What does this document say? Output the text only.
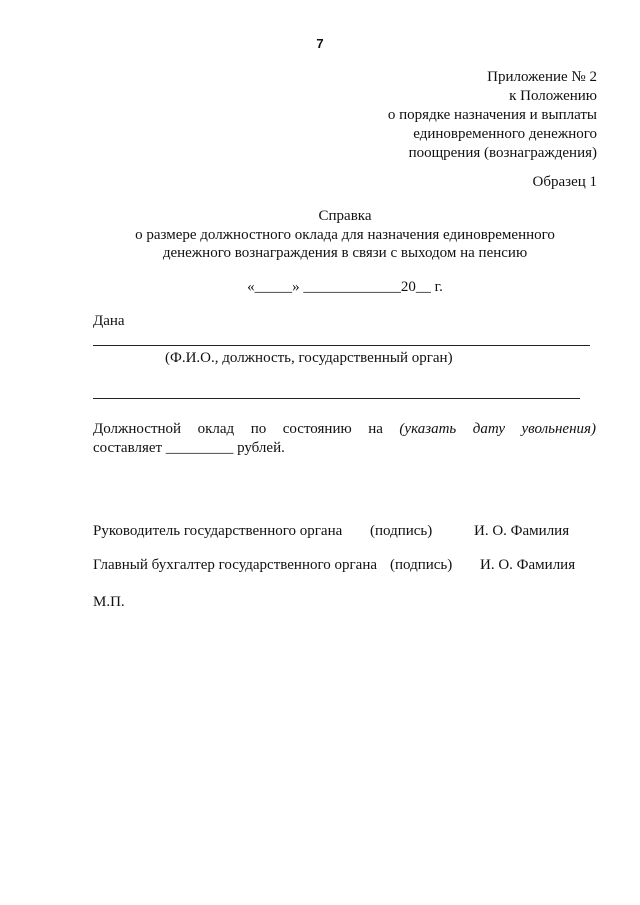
7
Приложение № 2
к Положению
о порядке назначения и выплаты
единовременного денежного
поощрения (вознаграждения)
Образец 1
Справка
о размере должностного оклада для назначения единовременного
денежного вознаграждения в связи с выходом на пенсию
«_____» _____________20__ г.
Дана
(Ф.И.О., должность, государственный орган)
Должностной оклад по состоянию на (указать дату увольнения)
составляет _________ рублей.
Руководитель государственного органа (подпись)	И. О. Фамилия
Главный бухгалтер государственного органа (подпись) И. О. Фамилия
М.П.
